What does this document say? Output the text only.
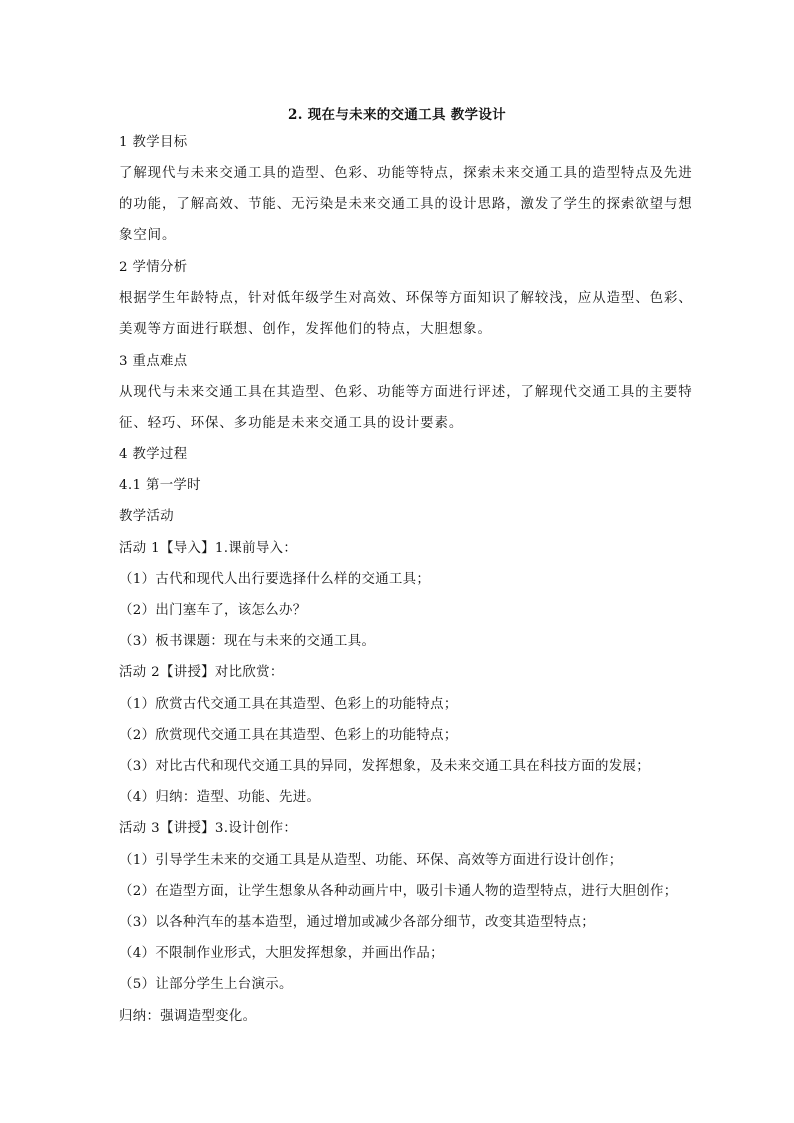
2. 现在与未来的交通工具 教学设计
1 教学目标
了解现代与未来交通工具的造型、色彩、功能等特点，探索未来交通工具的造型特点及先进
的功能，了解高效、节能、无污染是未来交通工具的设计思路，激发了学生的探索欲望与想
象空间。
2 学情分析
根据学生年龄特点，针对低年级学生对高效、环保等方面知识了解较浅，应从造型、色彩、
美观等方面进行联想、创作，发挥他们的特点，大胆想象。
3 重点难点
从现代与未来交通工具在其造型、色彩、功能等方面进行评述，了解现代交通工具的主要特
征、轻巧、环保、多功能是未来交通工具的设计要素。
4 教学过程
4.1 第一学时
教学活动
活动 1【导入】1.课前导入：
（1）古代和现代人出行要选择什么样的交通工具；
（2）出门塞车了，该怎么办？
（3）板书课题：现在与未来的交通工具。
活动 2【讲授】对比欣赏：
（1）欣赏古代交通工具在其造型、色彩上的功能特点；
（2）欣赏现代交通工具在其造型、色彩上的功能特点；
（3）对比古代和现代交通工具的异同，发挥想象，及未来交通工具在科技方面的发展；
（4）归纳：造型、功能、先进。
活动 3【讲授】3.设计创作：
（1）引导学生未来的交通工具是从造型、功能、环保、高效等方面进行设计创作；
（2）在造型方面，让学生想象从各种动画片中，吸引卡通人物的造型特点，进行大胆创作；
（3）以各种汽车的基本造型，通过增加或减少各部分细节，改变其造型特点；
（4）不限制作业形式，大胆发挥想象，并画出作品；
（5）让部分学生上台演示。
归纳：强调造型变化。
